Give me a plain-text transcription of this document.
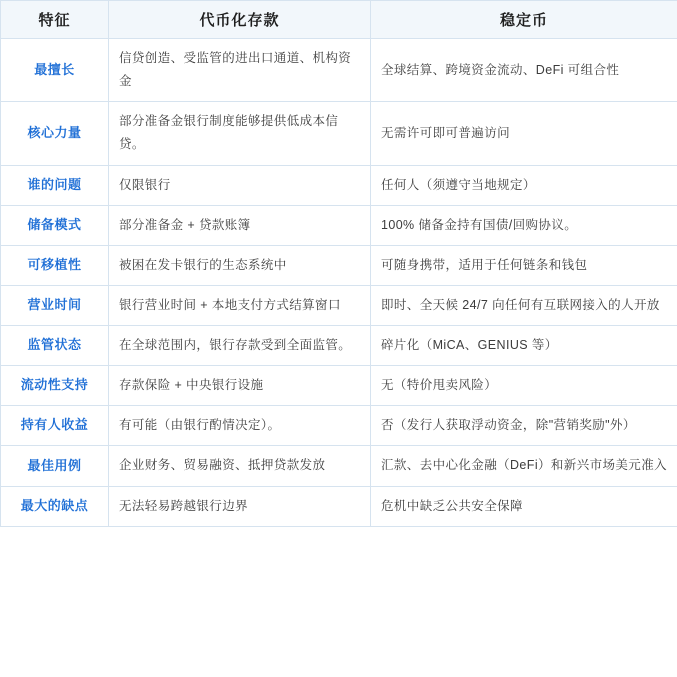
特征	代币化存款	稳定币
最擅长	信贷创造、受监管的进出口通道、机构资金	全球结算、跨境资金流动、DeFi 可组合性
核心力量	部分准备金银行制度能够提供低成本信贷。	无需许可即可普遍访问
谁的问题	仅限银行	任何人（须遵守当地规定）
储备模式	部分准备金 + 贷款账簿	100% 储备金持有国债/回购协议。
可移植性	被困在发卡银行的生态系统中	可随身携带，适用于任何链条和钱包
营业时间	银行营业时间 + 本地支付方式结算窗口	即时、全天候 24/7 向任何有互联网接入的人开放
监管状态	在全球范围内，银行存款受到全面监管。	碎片化（MiCA、GENIUS 等）
流动性支持	存款保险 + 中央银行设施	无（特价甩卖风险）
持有人收益	有可能（由银行酌情决定）。	否（发行人获取浮动资金，除"营销奖励"外）
最佳用例	企业财务、贸易融资、抵押贷款发放	汇款、去中心化金融（DeFi）和新兴市场美元准入
最大的缺点	无法轻易跨越银行边界	危机中缺乏公共安全保障
